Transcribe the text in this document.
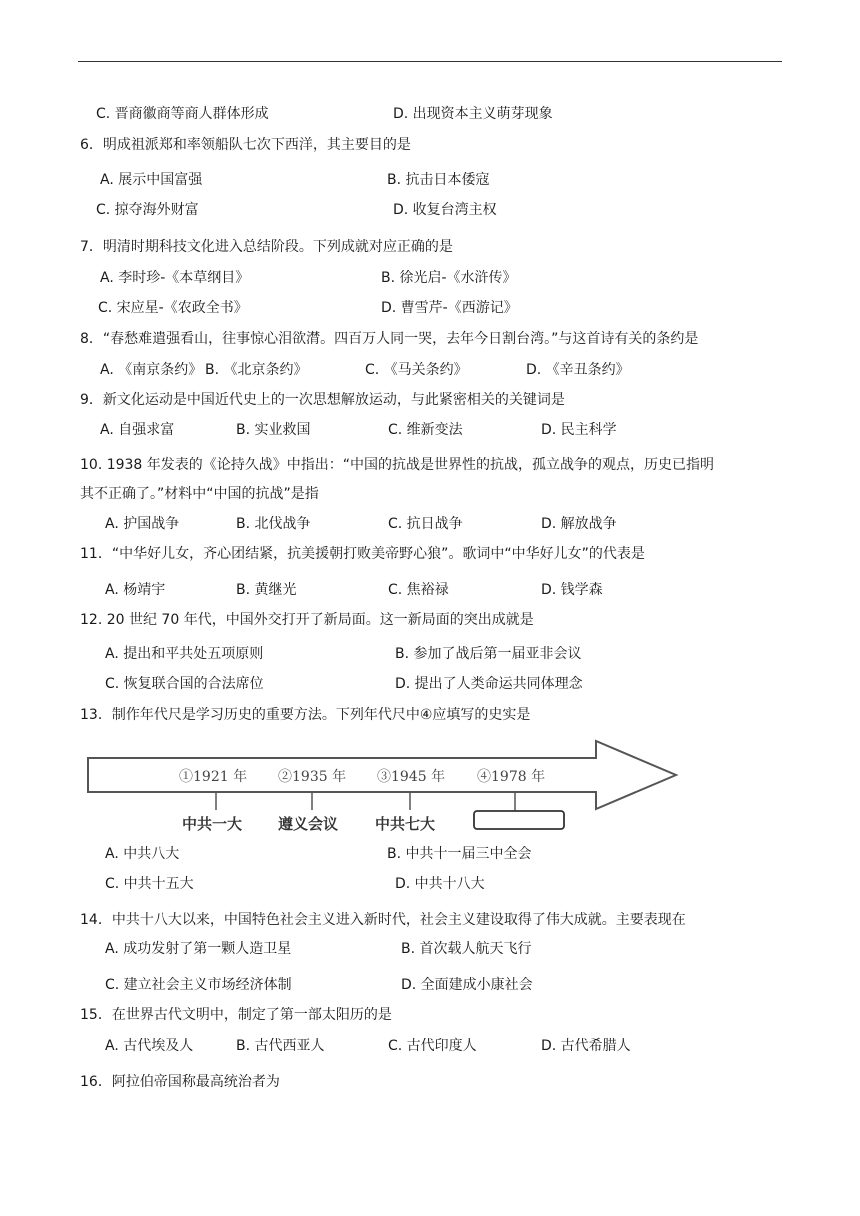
C. 晋商徽商等商人群体形成	D. 出现资本主义萌芽现象
6．明成祖派郑和率领船队七次下西洋，其主要目的是
A. 展示中国富强	B. 抗击日本倭寇
C. 掠夺海外财富	D. 收复台湾主权
7．明清时期科技文化进入总结阶段。下列成就对应正确的是
A. 李时珍-《本草纲目》	B. 徐光启-《水浒传》
C. 宋应星-《农政全书》	D. 曹雪芹-《西游记》
8．“春愁难遣强看山，往事惊心泪欲潸。四百万人同一哭，去年今日割台湾。”与这首诗有关的条约是
A. 《南京条约》 B. 《北京条约》	C. 《马关条约》	D. 《辛丑条约》
9．新文化运动是中国近代史上的一次思想解放运动，与此紧密相关的关键词是
A. 自强求富	B. 实业救国	C. 维新变法	D. 民主科学
10. 1938 年发表的《论持久战》中指出：“中国的抗战是世界性的抗战，孤立战争的观点，历史已指明
其不正确了。”材料中“中国的抗战”是指
A. 护国战争	B. 北伐战争	C. 抗日战争	D. 解放战争
11．“中华好儿女，齐心团结紧，抗美援朝打败美帝野心狼”。歌词中“中华好儿女”的代表是
A. 杨靖宇	B. 黄继光	C. 焦裕禄	D. 钱学森
12. 20 世纪 70 年代，中国外交打开了新局面。这一新局面的突出成就是
A. 提出和平共处五项原则	B. 参加了战后第一届亚非会议
C. 恢复联合国的合法席位	D. 提出了人类命运共同体理念
13．制作年代尺是学习历史的重要方法。下列年代尺中④应填写的史实是
①1921 年 ②1935 年 ③1945 年 ④1978 年
中共一大 遵义会议 中共七大
A. 中共八大	B. 中共十一届三中全会
C. 中共十五大	D. 中共十八大
14．中共十八大以来，中国特色社会主义进入新时代，社会主义建设取得了伟大成就。主要表现在
A. 成功发射了第一颗人造卫星	B. 首次载人航天飞行
C. 建立社会主义市场经济体制	D. 全面建成小康社会
15．在世界古代文明中，制定了第一部太阳历的是
A. 古代埃及人	B. 古代西亚人	C. 古代印度人	D. 古代希腊人
16．阿拉伯帝国称最高统治者为
